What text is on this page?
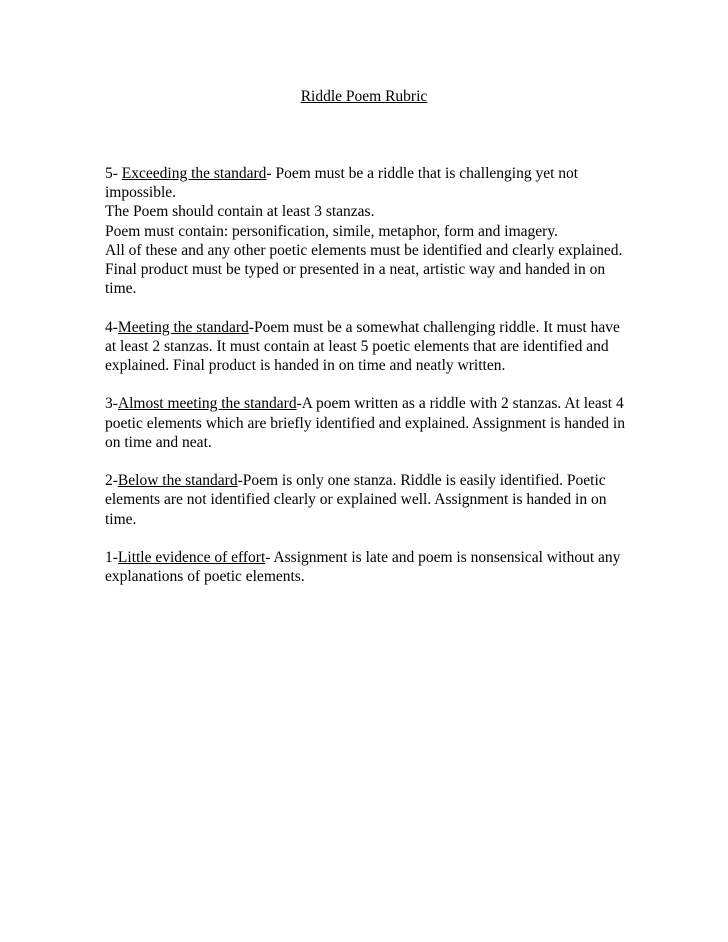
Riddle Poem Rubric

5- Exceeding the standard- Poem must be a riddle that is challenging yet not impossible.

The Poem should contain at least 3 stanzas.

Poem must contain: personification, simile, metaphor, form and imagery.

All of these and any other poetic elements must be identified and clearly explained.

Final product must be typed or presented in a neat, artistic way and handed in on time.

4-Meeting the standard-Poem must be a somewhat challenging riddle. It must have at least 2 stanzas. It must contain at least 5 poetic elements that are identified and explained. Final product is handed in on time and neatly written.

3-Almost meeting the standard-A poem written as a riddle with 2 stanzas. At least 4 poetic elements which are briefly identified and explained. Assignment is handed in on time and neat.

2-Below the standard-Poem is only one stanza. Riddle is easily identified. Poetic elements are not identified clearly or explained well. Assignment is handed in on time.

1-Little evidence of effort- Assignment is late and poem is nonsensical without any explanations of poetic elements.
